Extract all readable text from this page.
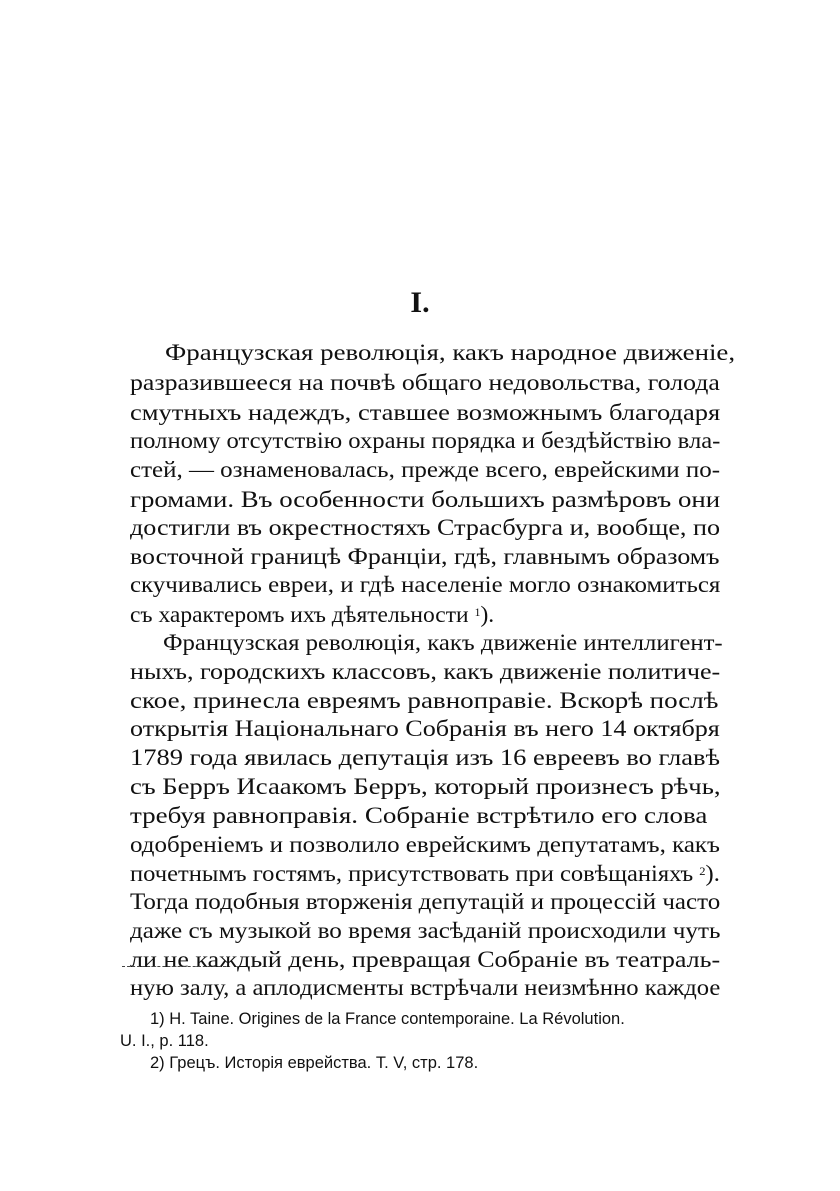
I.

Французская революція, какъ народное движеніе,

разразившееся на почвѣ общаго недовольства, голода

смутныхъ надеждъ, ставшее возможнымъ благодаря

полному отсутствію охраны порядка и бездѣйствію вла-

стей, — ознаменовалась, прежде всего, еврейскими по-

громами. Въ особенности большихъ размѣровъ они

достигли въ окрестностяхъ Страсбурга и, вообще, по

восточной границѣ Франціи, гдѣ, главнымъ образомъ

скучивались евреи, и гдѣ населеніе могло ознакомиться

съ характеромъ ихъ дѣятельности $^1$).

Французская революція, какъ движеніе интеллигент-

ныхъ, городскихъ классовъ, какъ движеніе политиче-

ское, принесла евреямъ равноправіе. Вскорѣ послѣ

открытія Національнаго Собранія въ него 14 октября

1789 года явилась депутація изъ 16 евреевъ во главѣ

съ Берръ Исаакомъ Берръ, который произнесъ рѣчь,

требуя равноправія. Собраніе встрѣтило его слова

одобреніемъ и позволило еврейскимъ депутатамъ, какъ

почетнымъ гостямъ, присутствовать при совѣщаніяхъ $^2$).

Тогда подобныя вторженія депутацій и процессій часто

даже съ музыкой во время засѣданій происходили чуть

ли не каждый день, превращая Собраніе въ театраль-

ную залу, а аплодисменты встрѣчали неизмѣнно каждое

1) H. Taine. Origines de la France contemporaine. La Révolution.

U. I., p. 118.

2) Грецъ. Исторія еврейства. Т. V, стр. 178.
